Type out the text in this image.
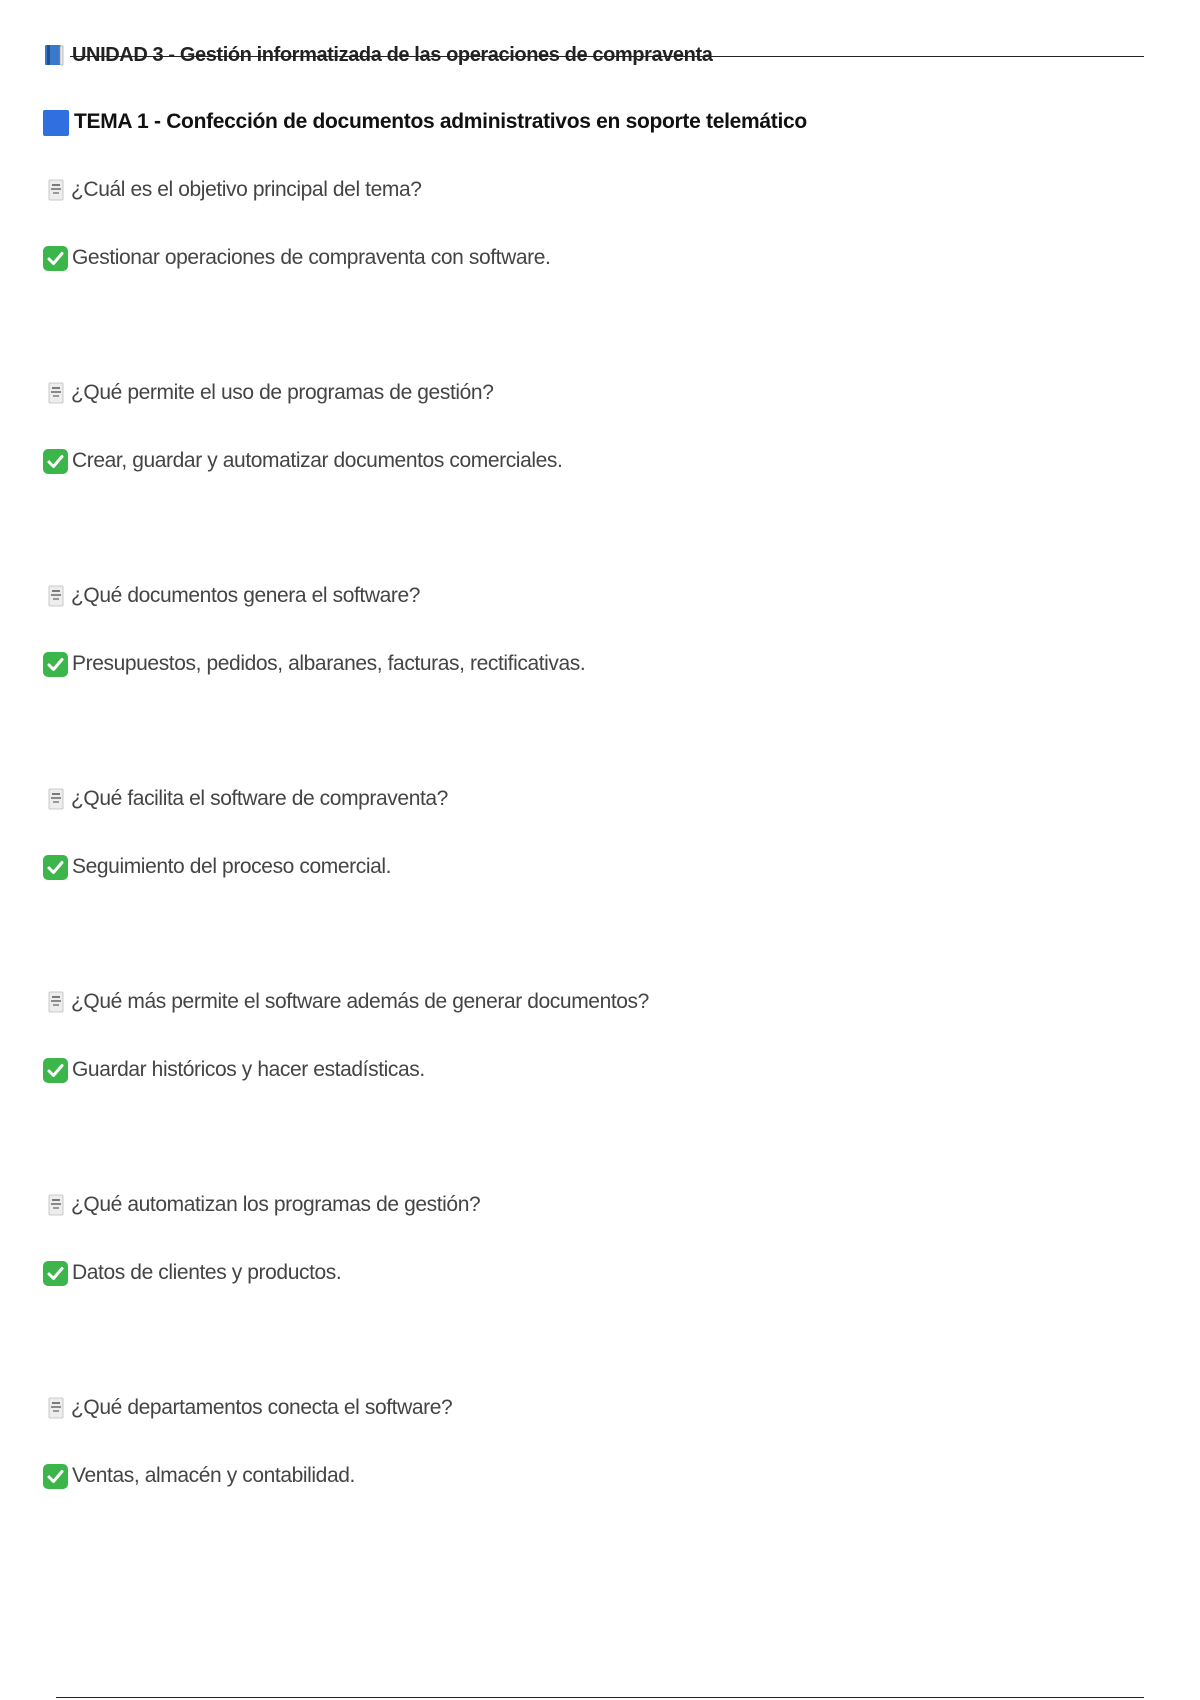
UNIDAD 3 - Gestión informatizada de las operaciones de compraventa
TEMA 1 - Confección de documentos administrativos en soporte telemático
¿Cuál es el objetivo principal del tema?
Gestionar operaciones de compraventa con software.
¿Qué permite el uso de programas de gestión?
Crear, guardar y automatizar documentos comerciales.
¿Qué documentos genera el software?
Presupuestos, pedidos, albaranes, facturas, rectificativas.
¿Qué facilita el software de compraventa?
Seguimiento del proceso comercial.
¿Qué más permite el software además de generar documentos?
Guardar históricos y hacer estadísticas.
¿Qué automatizan los programas de gestión?
Datos de clientes y productos.
¿Qué departamentos conecta el software?
Ventas, almacén y contabilidad.
